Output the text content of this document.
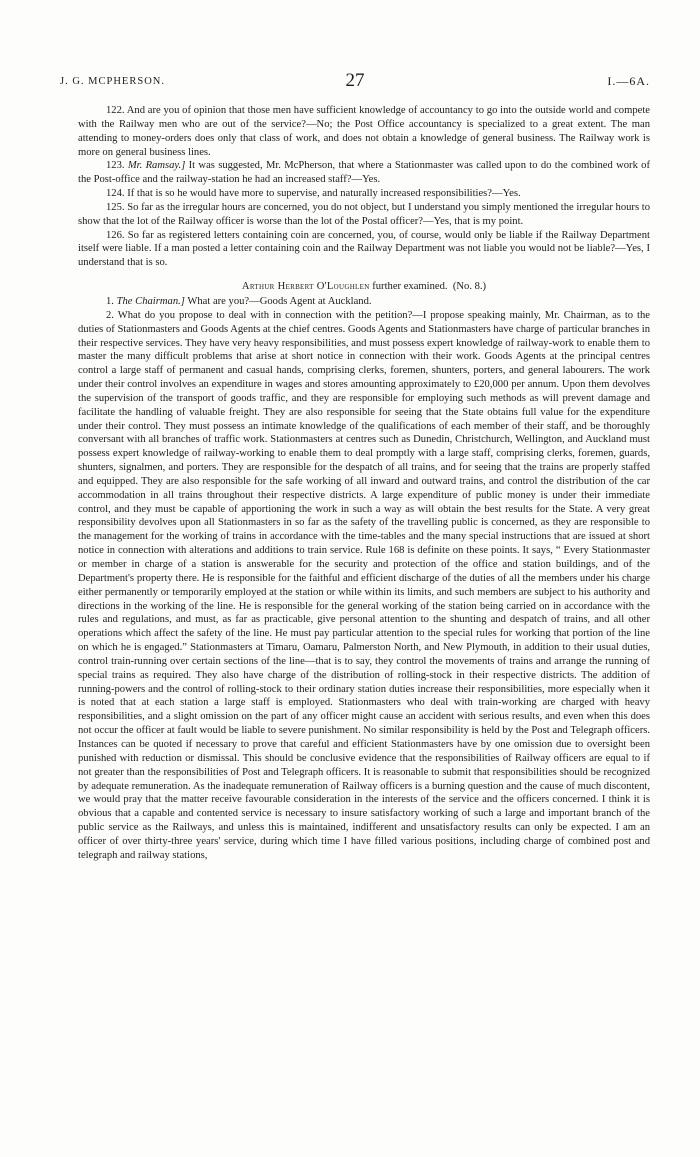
J. G. MCPHERSON.	27	I.—6A.

122. And are you of opinion that those men have sufficient knowledge of accountancy to go into the outside world and compete with the Railway men who are out of the service?—No; the Post Office accountancy is specialized to a great extent. The man attending to money-orders does only that class of work, and does not obtain a knowledge of general business. The Railway work is more on general business lines.

123. Mr. Ramsay.] It was suggested, Mr. McPherson, that where a Stationmaster was called upon to do the combined work of the Post-office and the railway-station he had an increased staff?—Yes.

124. If that is so he would have more to supervise, and naturally increased responsibilities?—Yes.

125. So far as the irregular hours are concerned, you do not object, but I understand you simply mentioned the irregular hours to show that the lot of the Railway officer is worse than the lot of the Postal officer?—Yes, that is my point.

126. So far as registered letters containing coin are concerned, you, of course, would only be liable if the Railway Department itself were liable. If a man posted a letter containing coin and the Railway Department was not liable you would not be liable?—Yes, I understand that is so.

Arthur Herbert O'Loughlen further examined. (No. 8.)

1. The Chairman.] What are you?—Goods Agent at Auckland.

2. What do you propose to deal with in connection with the petition?—I propose speaking mainly, Mr. Chairman, as to the duties of Stationmasters and Goods Agents at the chief centres. Goods Agents and Stationmasters have charge of particular branches in their respective services. They have very heavy responsibilities, and must possess expert knowledge of railway-work to enable them to master the many difficult problems that arise at short notice in connection with their work. Goods Agents at the principal centres control a large staff of permanent and casual hands, comprising clerks, foremen, shunters, porters, and general labourers. The work under their control involves an expenditure in wages and stores amounting approximately to £20,000 per annum. Upon them devolves the supervision of the transport of goods traffic, and they are responsible for employing such methods as will prevent damage and facilitate the handling of valuable freight. They are also responsible for seeing that the State obtains full value for the expenditure under their control. They must possess an intimate knowledge of the qualifications of each member of their staff, and be thoroughly conversant with all branches of traffic work. Stationmasters at centres such as Dunedin, Christchurch, Wellington, and Auckland must possess expert knowledge of railway-working to enable them to deal promptly with a large staff, comprising clerks, foremen, guards, shunters, signalmen, and porters. They are responsible for the despatch of all trains, and for seeing that the trains are properly staffed and equipped. They are also responsible for the safe working of all inward and outward trains, and control the distribution of the car accommodation in all trains throughout their respective districts. A large expenditure of public money is under their immediate control, and they must be capable of apportioning the work in such a way as will obtain the best results for the State. A very great responsibility devolves upon all Stationmasters in so far as the safety of the travelling public is concerned, as they are responsible to the management for the working of trains in accordance with the time-tables and the many special instructions that are issued at short notice in connection with alterations and additions to train service. Rule 168 is definite on these points. It says, “ Every Stationmaster or member in charge of a station is answerable for the security and protection of the office and station buildings, and of the Department's property there. He is responsible for the faithful and efficient discharge of the duties of all the members under his charge either permanently or temporarily employed at the station or while within its limits, and such members are subject to his authority and directions in the working of the line. He is responsible for the general working of the station being carried on in accordance with the rules and regulations, and must, as far as practicable, give personal attention to the shunting and despatch of trains, and all other operations which affect the safety of the line. He must pay particular attention to the special rules for working that portion of the line on which he is engaged.” Stationmasters at Timaru, Oamaru, Palmerston North, and New Plymouth, in addition to their usual duties, control train-running over certain sections of the line—that is to say, they control the movements of trains and arrange the running of special trains as required. They also have charge of the distribution of rolling-stock in their respective districts. The addition of running-powers and the control of rolling-stock to their ordinary station duties increase their responsibilities, more especially when it is noted that at each station a large staff is employed. Stationmasters who deal with train-working are charged with heavy responsibilities, and a slight omission on the part of any officer might cause an accident with serious results, and even when this does not occur the officer at fault would be liable to severe punishment. No similar responsibility is held by the Post and Telegraph officers. Instances can be quoted if necessary to prove that careful and efficient Stationmasters have by one omission due to oversight been punished with reduction or dismissal. This should be conclusive evidence that the responsibilities of Railway officers are equal to if not greater than the responsibilities of Post and Telegraph officers. It is reasonable to submit that responsibilities should be recognized by adequate remuneration. As the inadequate remuneration of Railway officers is a burning question and the cause of much discontent, we would pray that the matter receive favourable consideration in the interests of the service and the officers concerned. I think it is obvious that a capable and contented service is necessary to insure satisfactory working of such a large and important branch of the public service as the Railways, and unless this is maintained, indifferent and unsatisfactory results can only be expected. I am an officer of over thirty-three years' service, during which time I have filled various positions, including charge of combined post and telegraph and railway stations,
